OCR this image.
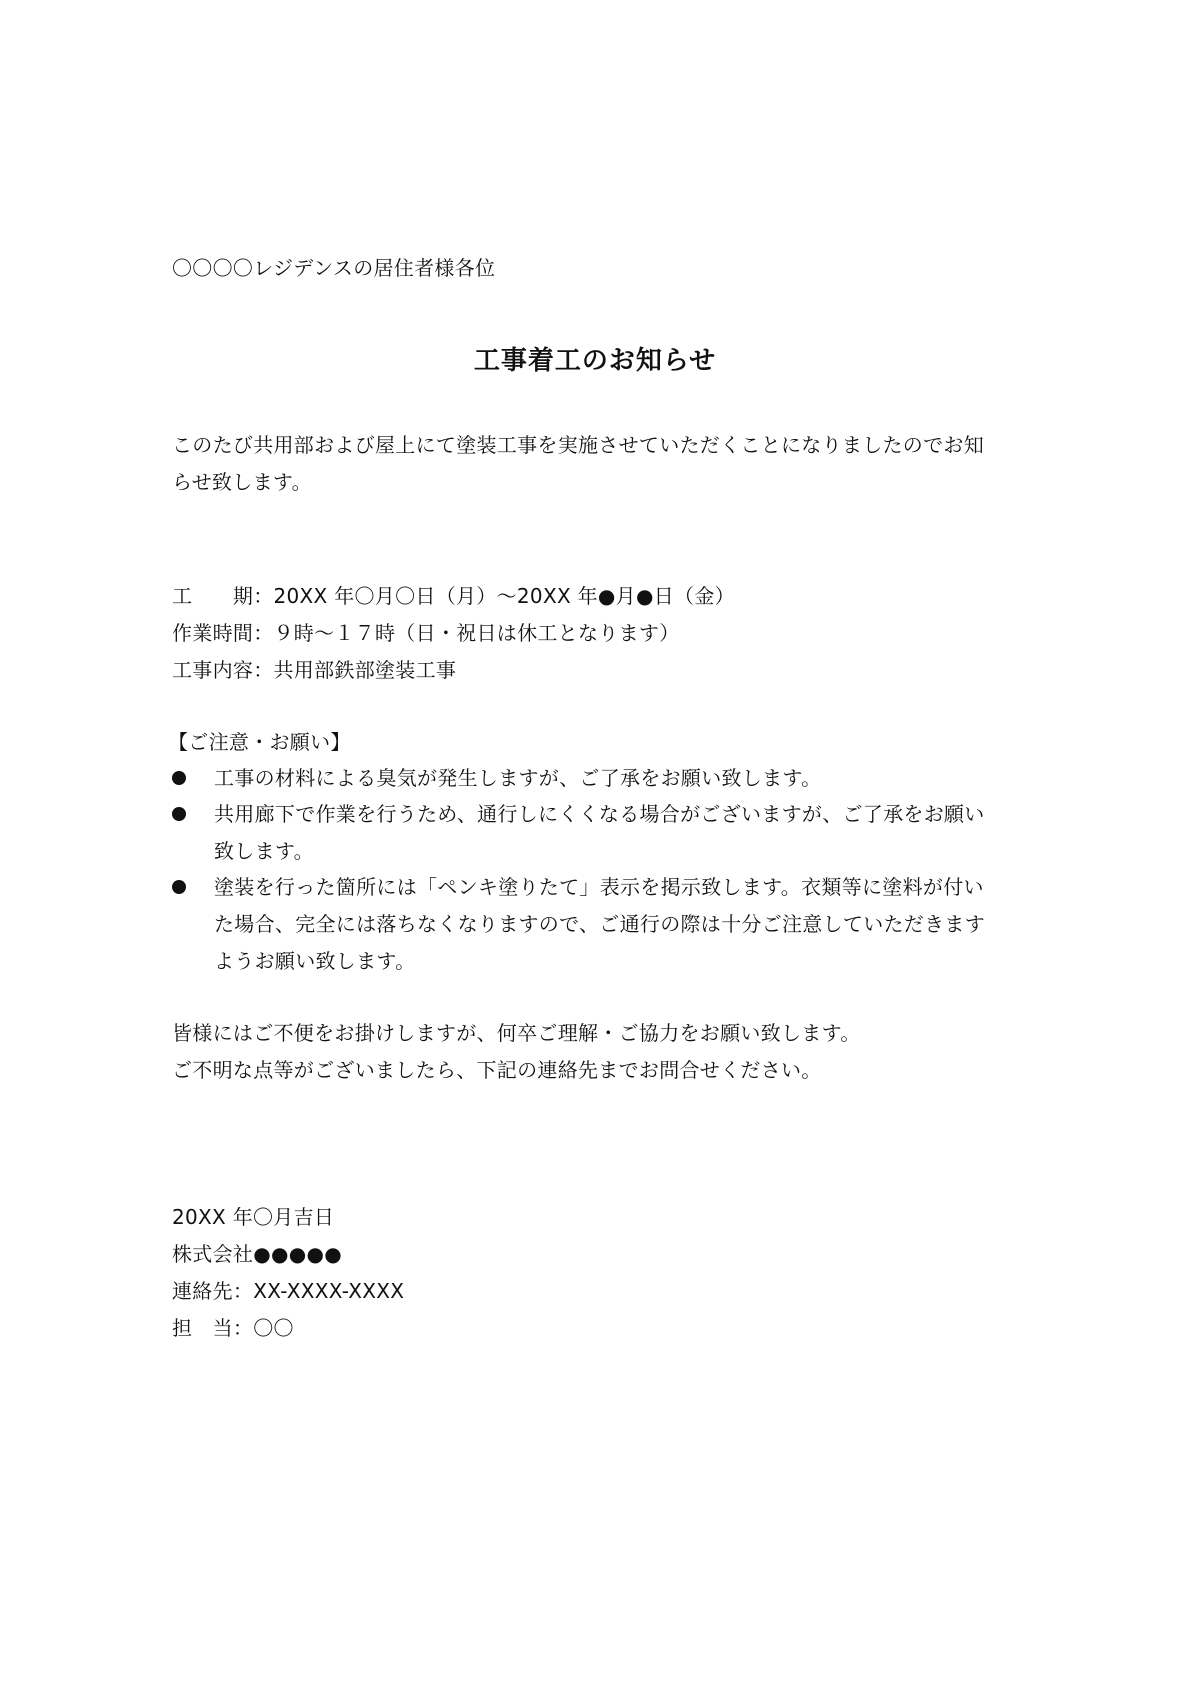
〇〇〇〇レジデンスの居住者様各位
工事着工のお知らせ
このたび共用部および屋上にて塗装工事を実施させていただくことになりましたのでお知
らせ致します。
工　　期：20XX 年〇月〇日（月）～20XX 年●月●日（金）
作業時間：９時～１７時（日・祝日は休工となります）
工事内容：共用部鉄部塗装工事
【ご注意・お願い】
工事の材料による臭気が発生しますが、ご了承をお願い致します。
共用廊下で作業を行うため、通行しにくくなる場合がございますが、ご了承をお願い
致します。
塗装を行った箇所には「ペンキ塗りたて」表示を掲示致します。衣類等に塗料が付い
た場合、完全には落ちなくなりますので、ご通行の際は十分ご注意していただきます
ようお願い致します。
皆様にはご不便をお掛けしますが、何卒ご理解・ご協力をお願い致します。
ご不明な点等がございましたら、下記の連絡先までお問合せください。
20XX 年〇月吉日
株式会社●●●●●
連絡先：XX-XXXX-XXXX
担　当：〇〇
